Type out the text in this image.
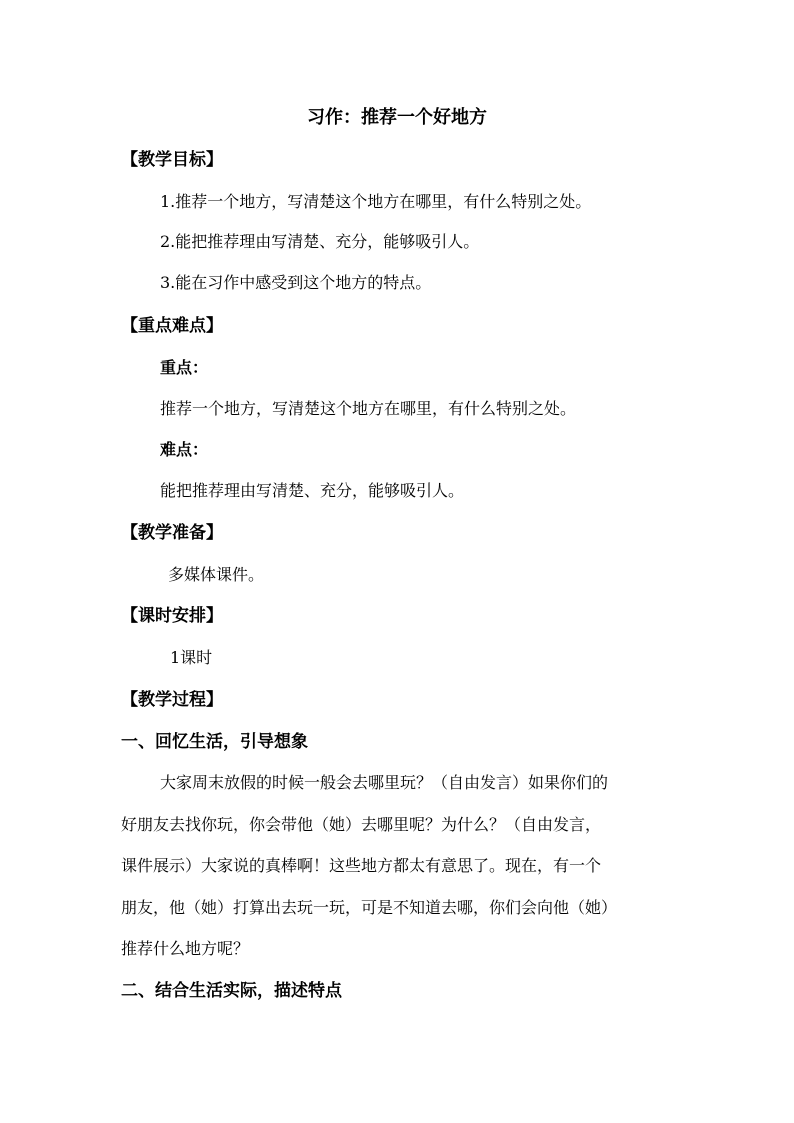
习作：推荐一个好地方
【教学目标】
1.推荐一个地方，写清楚这个地方在哪里，有什么特别之处。
2.能把推荐理由写清楚、充分，能够吸引人。
3.能在习作中感受到这个地方的特点。
【重点难点】
重点：
推荐一个地方，写清楚这个地方在哪里，有什么特别之处。
难点：
能把推荐理由写清楚、充分，能够吸引人。
【教学准备】
多媒体课件。
【课时安排】
1课时
【教学过程】
一、回忆生活，引导想象
大家周末放假的时候一般会去哪里玩？（自由发言）如果你们的
好朋友去找你玩，你会带他（她）去哪里呢？为什么？（自由发言，
课件展示）大家说的真棒啊！这些地方都太有意思了。现在，有一个
朋友，他（她）打算出去玩一玩，可是不知道去哪，你们会向他（她）
推荐什么地方呢？
二、结合生活实际，描述特点
